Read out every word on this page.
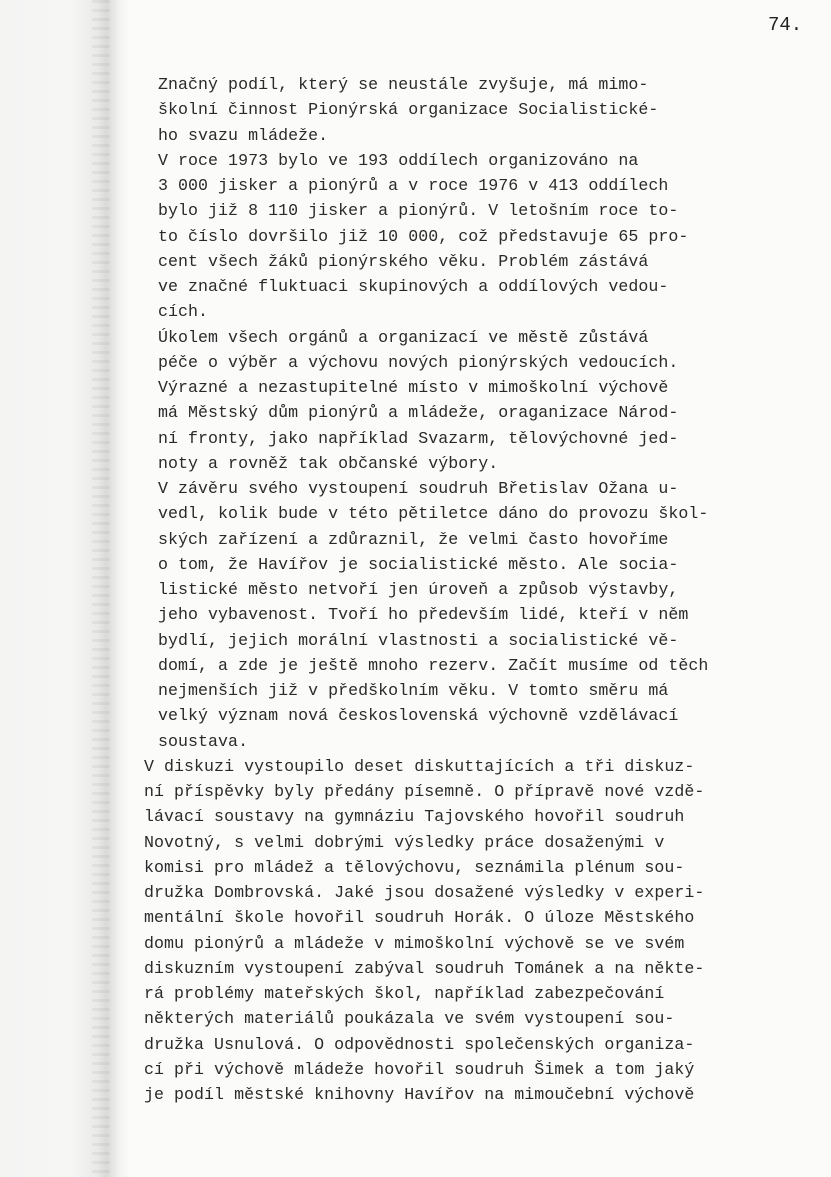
74.
Značný podíl, který se neustále zvyšuje, má mimo-
školní činnost Pionýrská organizace Socialistické-
ho svazu mládeže.
V roce 1973 bylo ve 193 oddílech organizováno na
3 000 jisker a pionýrů a v roce 1976 v 413 oddílech
bylo již 8 110 jisker a pionýrů. V letošním roce to-
to číslo dovršilo již 10 000, což představuje 65 pro-
cent všech žáků pionýrského věku. Problém zástává
ve značné fluktuaci skupinových a oddílových vedou-
cích.
Úkolem všech orgánů a organizací ve městě zůstává
péče o výběr a výchovu nových pionýrských vedoucích.
Výrazné a nezastupitelné místo v mimoškolní výchově
má Městský dům pionýrů a mládeže, oraganizace Národ-
ní fronty, jako například Svazarm, tělovýchovné jed-
noty a rovněž tak občanské výbory.
V závěru svého vystoupení soudruh Břetislav Ožana u-
vedl, kolik bude v této pětiletce dáno do provozu škol-
ských zařízení a zdůraznil, že velmi často hovoříme
o tom, že Havířov je socialistické město. Ale socia-
listické město netvoří jen úroveň a způsob výstavby,
jeho vybavenost. Tvoří ho především lidé, kteří v něm
bydlí, jejich morální vlastnosti a socialistické vě-
domí, a zde je ještě mnoho rezerv. Začít musíme od těch
nejmenších již v předškolním věku. V tomto směru má
velký význam nová československá výchovně vzdělávací
soustava.
V diskuzi vystoupilo deset diskuttajících a tři diskuz-
ní příspěvky byly předány písemně. O přípravě nové vzdě-
lávací soustavy na gymnáziu Tajovského hovořil soudruh
Novotný, s velmi dobrými výsledky práce dosaženými v
komisi pro mládež a tělovýchovu, seznámila plénum sou-
družka Dombrovská. Jaké jsou dosažené výsledky v experi-
mentální škole hovořil soudruh Horák. O úloze Městského
domu pionýrů a mládeže v mimoškolní výchově se ve svém
diskuzním vystoupení zabýval soudruh Tománek a na někte-
rá problémy mateřských škol, například zabezpečování
některých materiálů poukázala ve svém vystoupení sou-
družka Usnulová. O odpovědnosti společenských organiza-
cí při výchově mládeže hovořil soudruh Šimek a tom jaký
je podíl městské knihovny Havířov na mimoučební výchově
